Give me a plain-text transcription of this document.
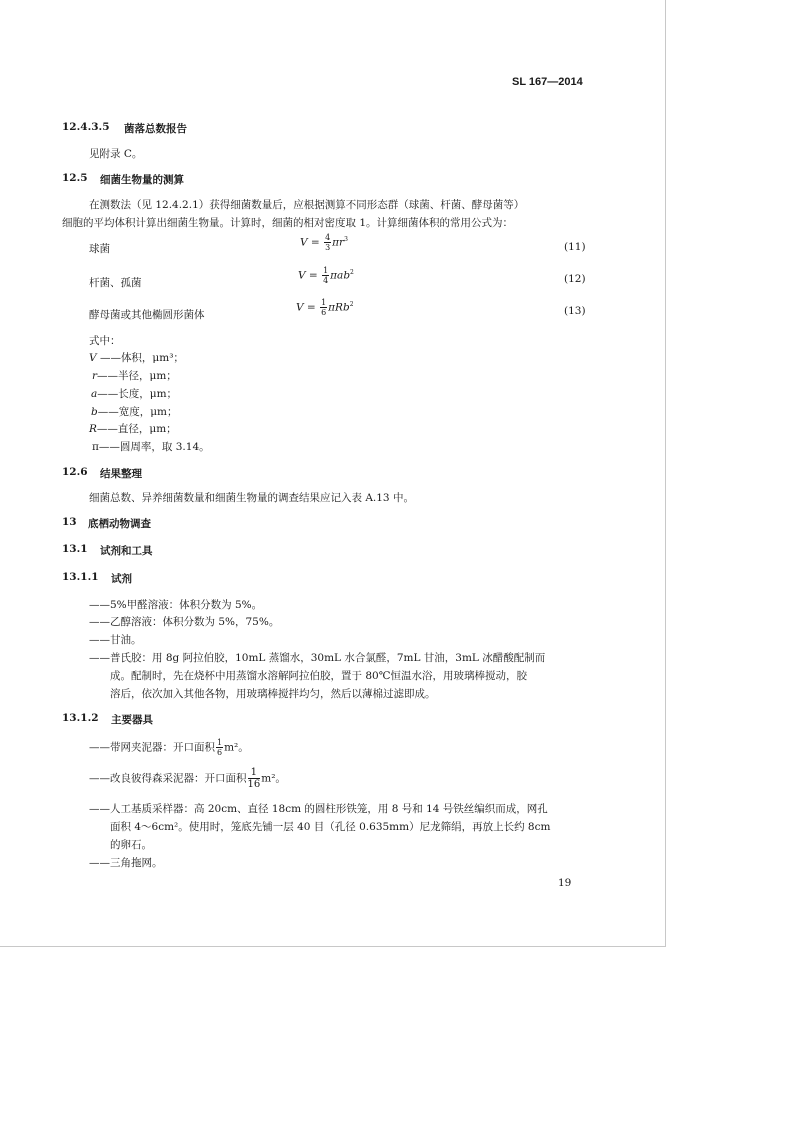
SL 167—2014
12.4.3.5 菌落总数报告
见附录 C。
12.5 细菌生物量的测算
在测数法（见 12.4.2.1）获得细菌数量后，应根据测算不同形态群（球菌、杆菌、酵母菌等）
细胞的平均体积计算出细菌生物量。计算时，细菌的相对密度取 1。计算细菌体积的常用公式为：
球菌
$V = \frac{4}{3} \pi r^3$
(11)
杆菌、孤菌
$V = \frac{1}{4} \pi ab^2$
(12)
酵母菌或其他椭圆形菌体
$V = \frac{1}{6} \pi Rb^2$
(13)
式中：
V ——体积，μm³；
r——半径，μm；
a——长度，μm；
b——宽度，μm；
R——直径，μm；
π——圆周率，取 3.14。
12.6 结果整理
细菌总数、异养细菌数量和细菌生物量的调查结果应记入表 A.13 中。
13 底栖动物调查
13.1 试剂和工具
13.1.1 试剂
——5%甲醛溶液：体积分数为 5%。
——乙醇溶液：体积分数为 5%，75%。
——甘油。
——普氏胶：用 8g 阿拉伯胶，10mL 蒸馏水，30mL 水合氯醛，7mL 甘油，3mL 冰醋酸配制而
成。配制时，先在烧杯中用蒸馏水溶解阿拉伯胶，置于 80℃恒温水浴，用玻璃棒搅动，胶
溶后，依次加入其他各物，用玻璃棒搅拌均匀，然后以薄棉过滤即成。
13.1.2 主要器具
——带网夹泥器：开口面积 $\frac{1}{6} m^2$。
——改良彼得森采泥器：开口面积 $\frac{1}{16} m^2$。
——人工基质采样器：高 20cm、直径 18cm 的圆柱形铁笼，用 8 号和 14 号铁丝编织而成，网孔
面积 4～6cm²。使用时，笼底先铺一层 40 目（孔径 0.635mm）尼龙筛绢，再放上长约 8cm
的卵石。
——三角拖网。
19
